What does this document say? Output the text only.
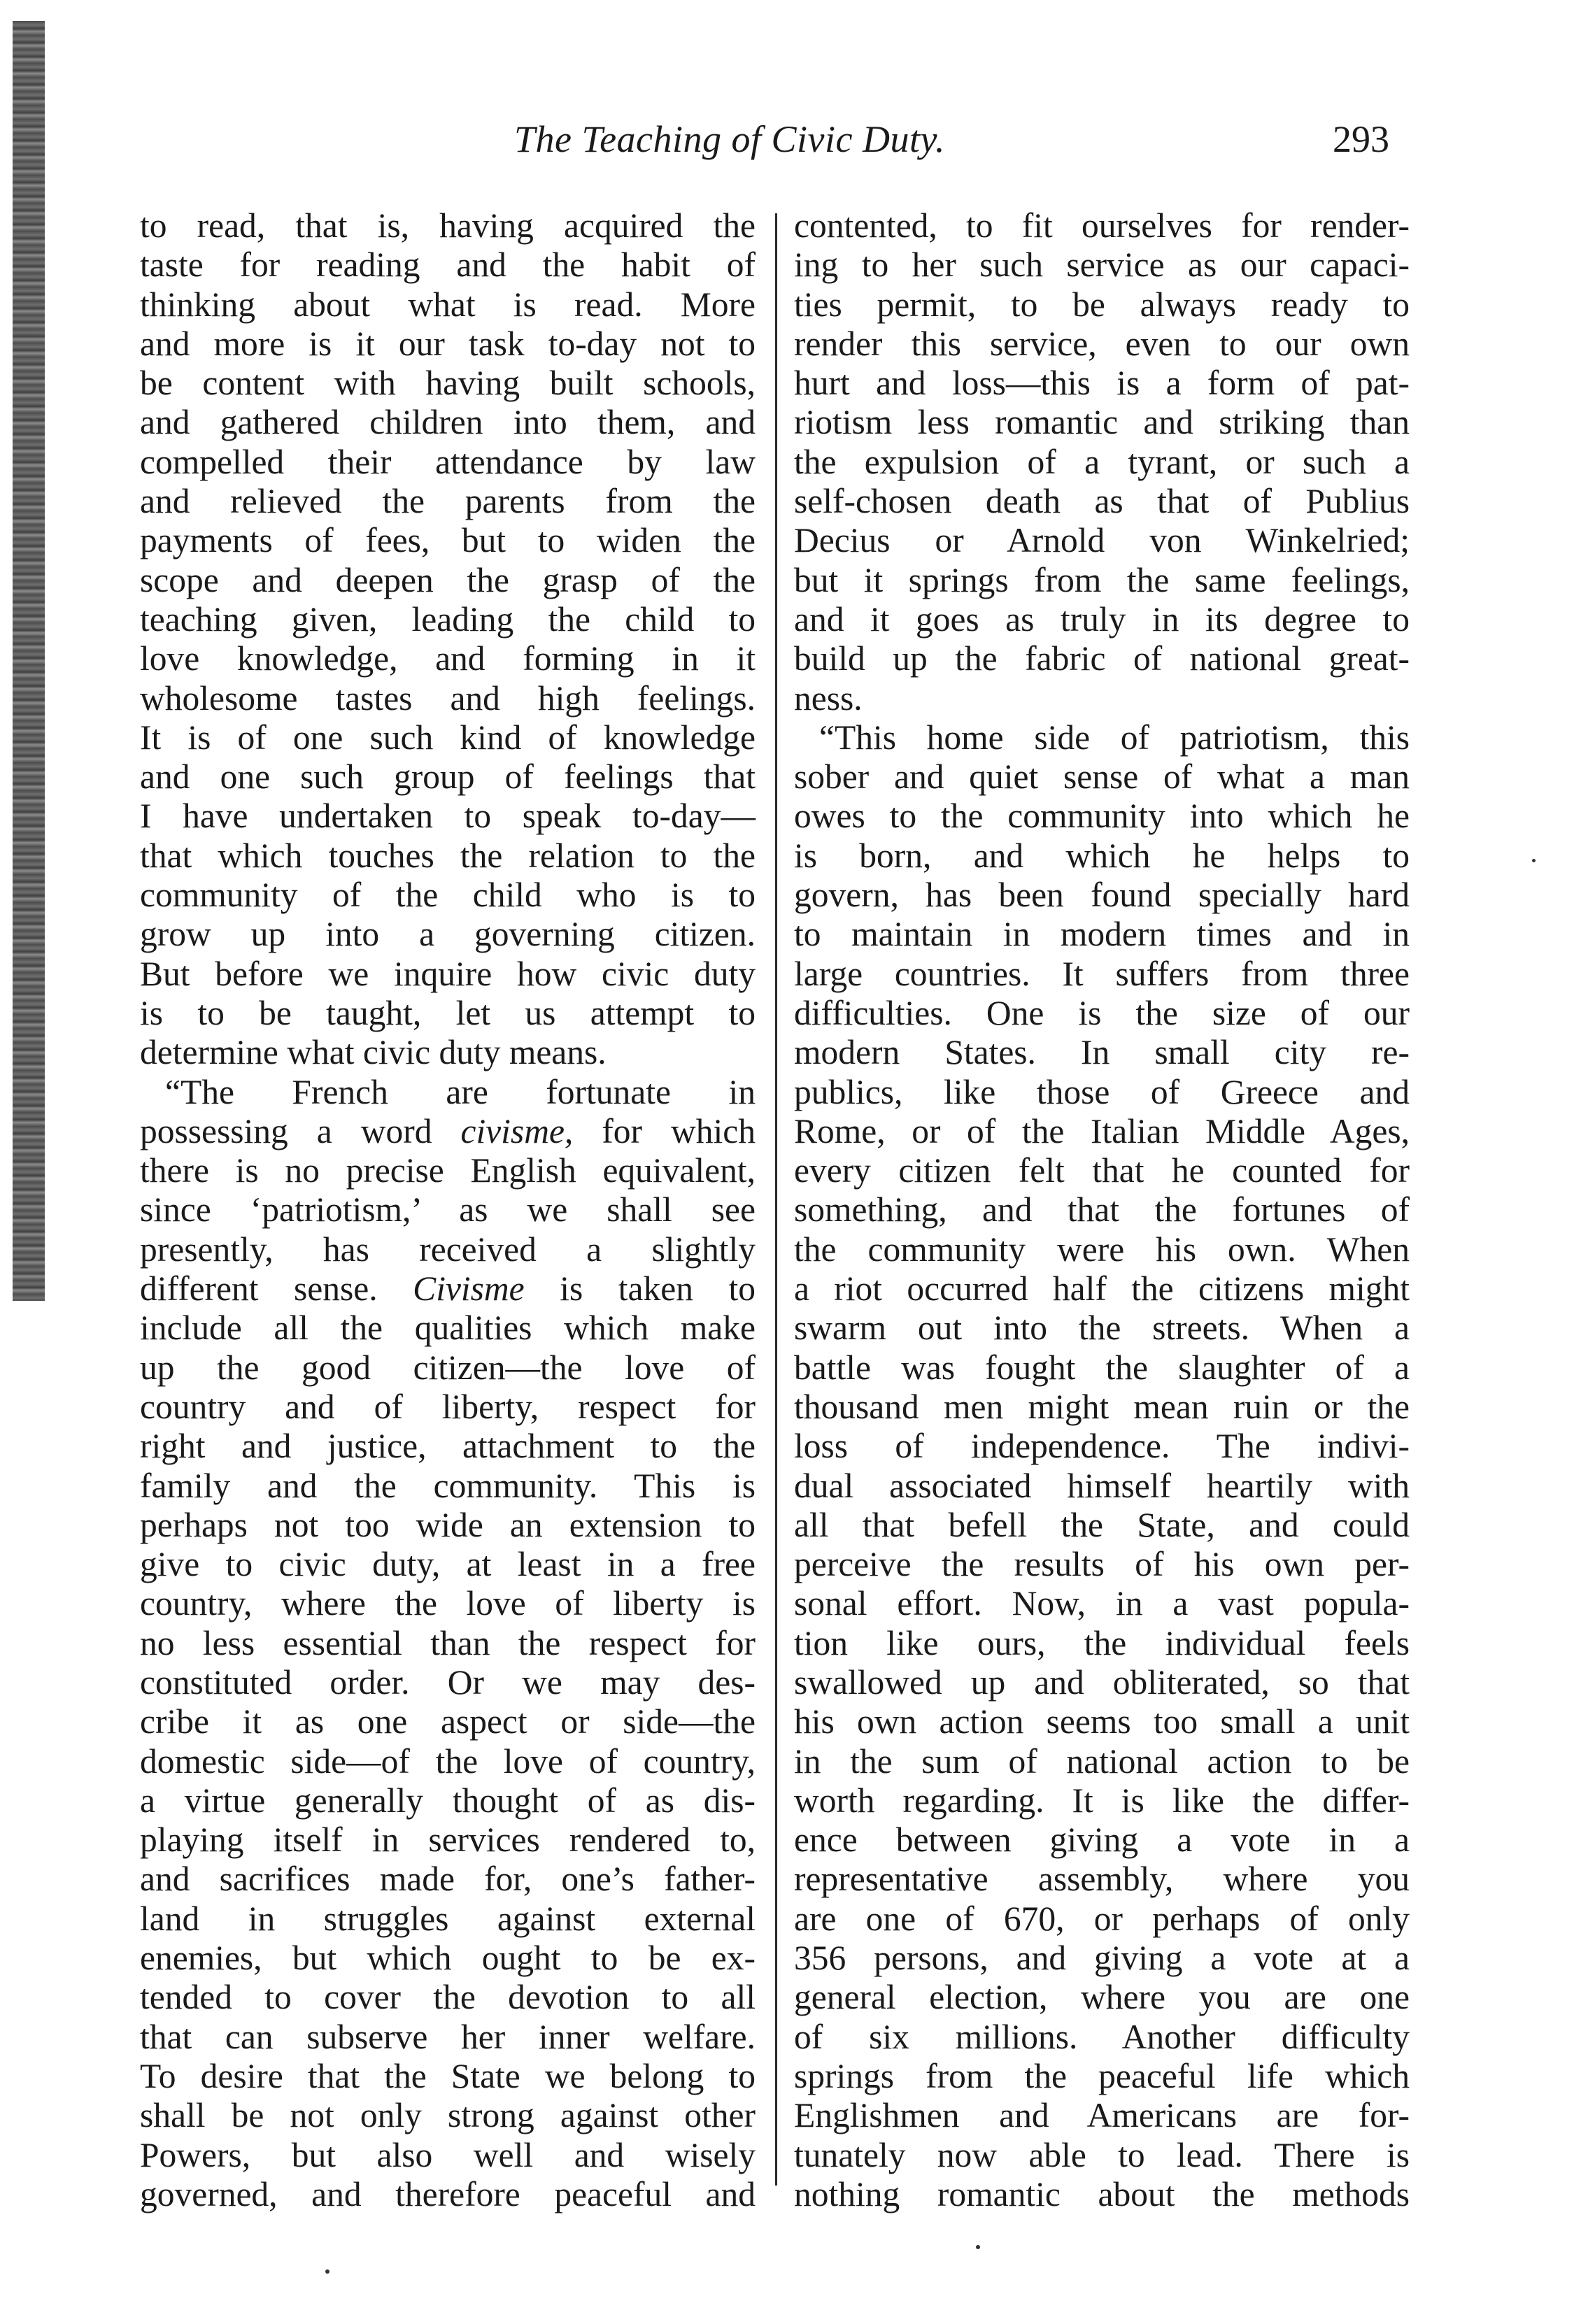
The Teaching of Civic Duty.	293
to read, that is, having acquired the
taste for reading and the habit of
thinking about what is read. More
and more is it our task to-day not to
be content with having built schools,
and gathered children into them, and
compelled their attendance by law
and relieved the parents from the
payments of fees, but to widen the
scope and deepen the grasp of the
teaching given, leading the child to
love knowledge, and forming in it
wholesome tastes and high feelings.
It is of one such kind of knowledge
and one such group of feelings that
I have undertaken to speak to-day—
that which touches the relation to the
community of the child who is to
grow up into a governing citizen.
But before we inquire how civic duty
is to be taught, let us attempt to
determine what civic duty means.
“The French are fortunate in
possessing a word civisme, for which
there is no precise English equivalent,
since ‘patriotism,’ as we shall see
presently, has received a slightly
different sense. Civisme is taken to
include all the qualities which make
up the good citizen—the love of
country and of liberty, respect for
right and justice, attachment to the
family and the community. This is
perhaps not too wide an extension to
give to civic duty, at least in a free
country, where the love of liberty is
no less essential than the respect for
constituted order. Or we may des-
cribe it as one aspect or side—the
domestic side—of the love of country,
a virtue generally thought of as dis-
playing itself in services rendered to,
and sacrifices made for, one’s father-
land in struggles against external
enemies, but which ought to be ex-
tended to cover the devotion to all
that can subserve her inner welfare.
To desire that the State we belong to
shall be not only strong against other
Powers, but also well and wisely
governed, and therefore peaceful and
contented, to fit ourselves for render-
ing to her such service as our capaci-
ties permit, to be always ready to
render this service, even to our own
hurt and loss—this is a form of pat-
riotism less romantic and striking than
the expulsion of a tyrant, or such a
self-chosen death as that of Publius
Decius or Arnold von Winkelried;
but it springs from the same feelings,
and it goes as truly in its degree to
build up the fabric of national great-
ness.
“This home side of patriotism, this
sober and quiet sense of what a man
owes to the community into which he
is born, and which he helps to
govern, has been found specially hard
to maintain in modern times and in
large countries. It suffers from three
difficulties. One is the size of our
modern States. In small city re-
publics, like those of Greece and
Rome, or of the Italian Middle Ages,
every citizen felt that he counted for
something, and that the fortunes of
the community were his own. When
a riot occurred half the citizens might
swarm out into the streets. When a
battle was fought the slaughter of a
thousand men might mean ruin or the
loss of independence. The indivi-
dual associated himself heartily with
all that befell the State, and could
perceive the results of his own per-
sonal effort. Now, in a vast popula-
tion like ours, the individual feels
swallowed up and obliterated, so that
his own action seems too small a unit
in the sum of national action to be
worth regarding. It is like the differ-
ence between giving a vote in a
representative assembly, where you
are one of 670, or perhaps of only
356 persons, and giving a vote at a
general election, where you are one
of six millions. Another difficulty
springs from the peaceful life which
Englishmen and Americans are for-
tunately now able to lead. There is
nothing romantic about the methods
